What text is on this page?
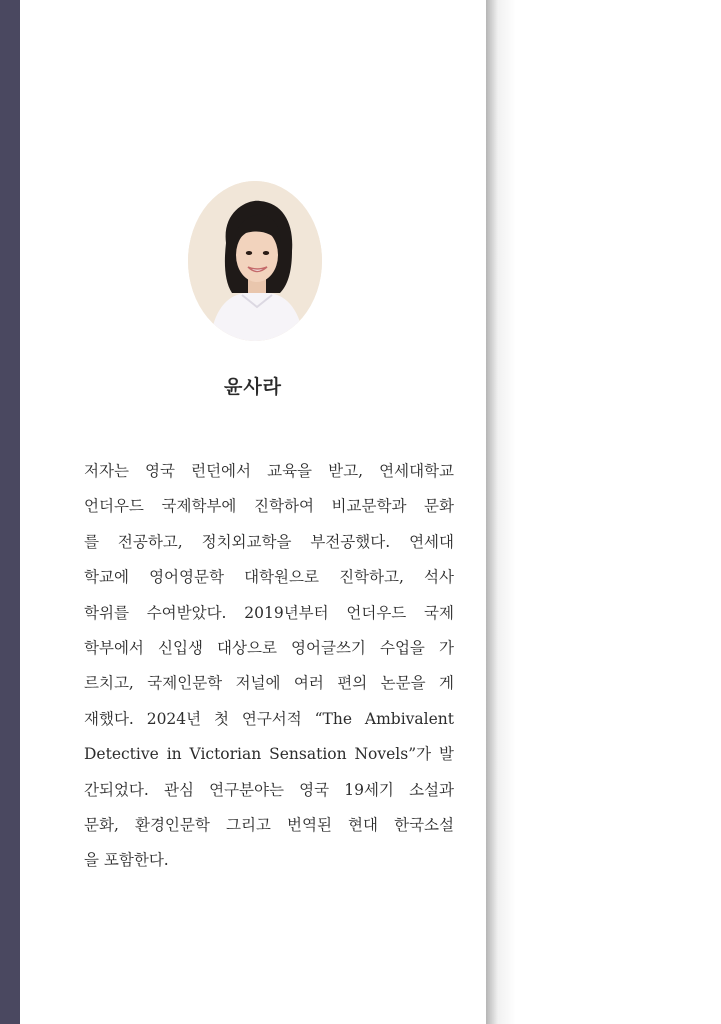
윤사라

저자는 영국 런던에서 교육을 받고, 연세대학교
언더우드 국제학부에 진학하여 비교문학과 문화
를 전공하고, 정치외교학을 부전공했다. 연세대
학교에 영어영문학 대학원으로 진학하고, 석사
학위를 수여받았다. 2019년부터 언더우드 국제
학부에서 신입생 대상으로 영어글쓰기 수업을 가
르치고, 국제인문학 저널에 여러 편의 논문을 게
재했다. 2024년 첫 연구서적 “The Ambivalent
Detective in Victorian Sensation Novels”가 발
간되었다. 관심 연구분야는 영국 19세기 소설과
문화, 환경인문학 그리고 번역된 현대 한국소설
을 포함한다.
